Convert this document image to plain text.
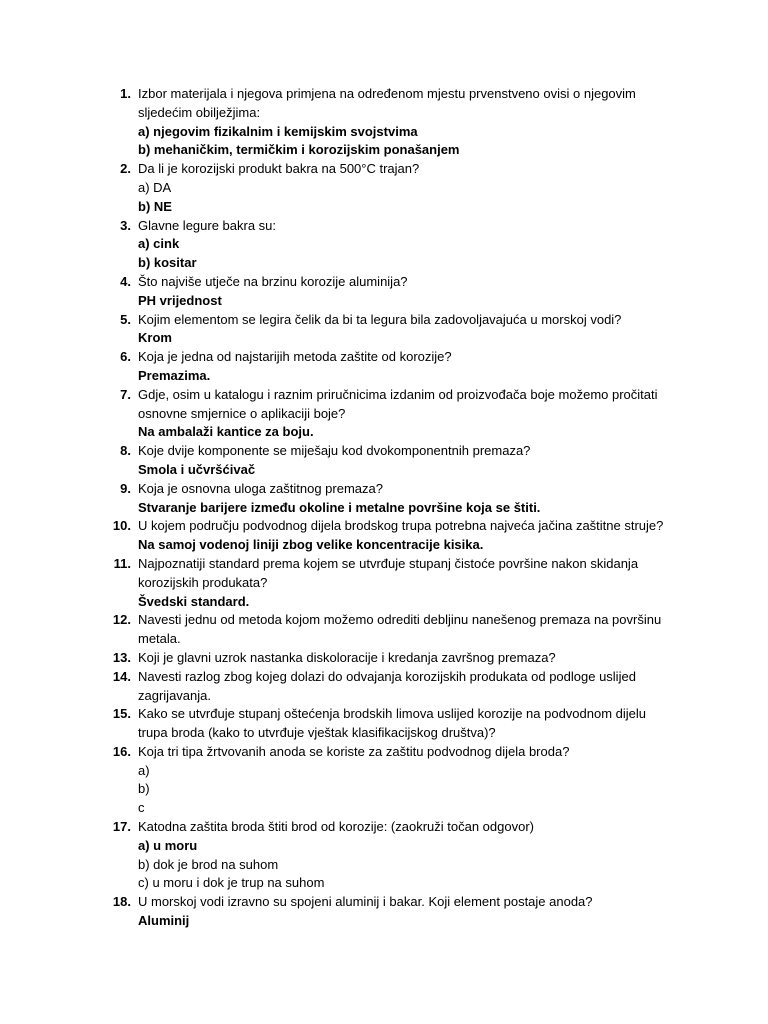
1. Izbor materijala i njegova primjena na određenom mjestu prvenstveno ovisi o njegovim
sljedećim obilježjima:
a) njegovim fizikalnim i kemijskim svojstvima
b) mehaničkim, termičkim i korozijskim ponašanjem
2. Da li je korozijski produkt bakra na 500°C trajan?
a) DA
b) NE
3. Glavne legure bakra su:
a) cink
b) kositar
4. Što najviše utječe na brzinu korozije aluminija?
PH vrijednost
5. Kojim elementom se legira čelik da bi ta legura bila zadovoljavajuća u morskoj vodi?
Krom
6. Koja je jedna od najstarijih metoda zaštite od korozije?
Premazima.
7. Gdje, osim u katalogu i raznim priručnicima izdanim od proizvođača boje možemo pročitati
osnovne smjernice o aplikaciji boje?
Na ambalaži kantice za boju.
8. Koje dvije komponente se miješaju kod dvokomponentnih premaza?
Smola i učvršćivač
9. Koja je osnovna uloga zaštitnog premaza?
Stvaranje barijere između okoline i metalne površine koja se štiti.
10. U kojem području podvodnog dijela brodskog trupa potrebna najveća jačina zaštitne struje?
Na samoj vodenoj liniji zbog velike koncentracije kisika.
11. Najpoznatiji standard prema kojem se utvrđuje stupanj čistoće površine nakon skidanja
korozijskih produkata?
Švedski standard.
12. Navesti jednu od metoda kojom možemo odrediti debljinu nanešenog premaza na površinu
metala.
13. Koji je glavni uzrok nastanka diskoloracije i kredanja završnog premaza?
14. Navesti razlog zbog kojeg dolazi do odvajanja korozijskih produkata od podloge uslijed
zagrijavanja.
15. Kako se utvrđuje stupanj oštećenja brodskih limova uslijed korozije na podvodnom dijelu
trupa broda (kako to utvrđuje vještak klasifikacijskog društva)?
16. Koja tri tipa žrtvovanih anoda se koriste za zaštitu podvodnog dijela broda?
a)
b)
c
17. Katodna zaštita broda štiti brod od korozije: (zaokruži točan odgovor)
a) u moru
b) dok je brod na suhom
c) u moru i dok je trup na suhom
18. U morskoj vodi izravno su spojeni aluminij i bakar. Koji element postaje anoda?
Aluminij
